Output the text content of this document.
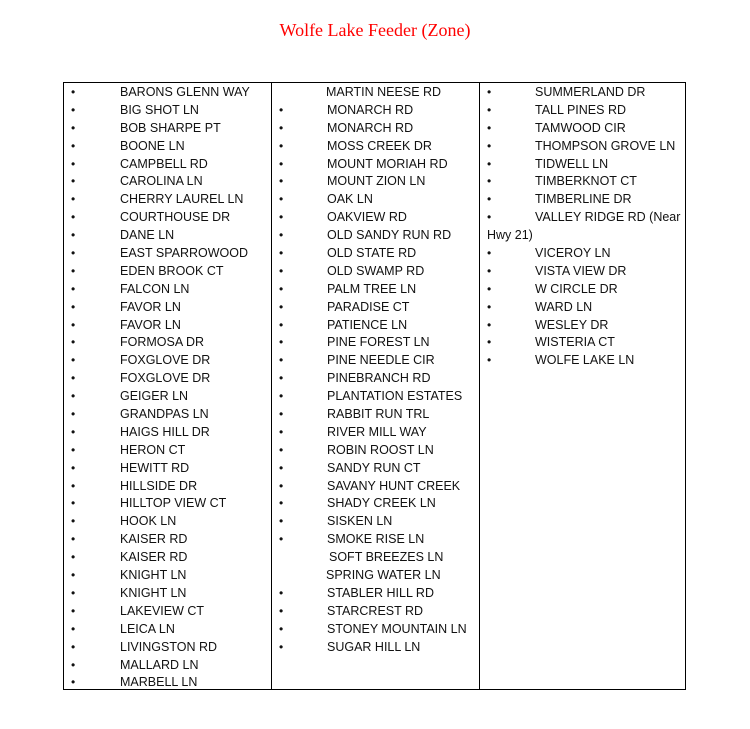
Wolfe Lake Feeder (Zone)
•	BARONS GLENN WAY
•	BIG SHOT LN
•	BOB SHARPE PT
•	BOONE LN
•	CAMPBELL RD
•	CAROLINA LN
•	CHERRY LAUREL LN
•	COURTHOUSE DR
•	DANE LN
•	EAST SPARROWOOD
•	EDEN BROOK CT
•	FALCON LN
•	FAVOR LN
•	FAVOR LN
•	FORMOSA DR
•	FOXGLOVE DR
•	FOXGLOVE DR
•	GEIGER LN
•	GRANDPAS LN
•	HAIGS HILL DR
•	HERON CT
•	HEWITT RD
•	HILLSIDE DR
•	HILLTOP VIEW CT
•	HOOK LN
•	KAISER RD
•	KAISER RD
•	KNIGHT LN
•	KNIGHT LN
•	LAKEVIEW CT
•	LEICA LN
•	LIVINGSTON RD
•	MALLARD LN
•	MARBELL LN
MARTIN NEESE RD
•	MONARCH RD
•	MONARCH RD
•	MOSS CREEK DR
•	MOUNT MORIAH RD
•	MOUNT ZION LN
•	OAK LN
•	OAKVIEW RD
•	OLD SANDY RUN RD
•	OLD STATE RD
•	OLD SWAMP RD
•	PALM TREE LN
•	PARADISE CT
•	PATIENCE LN
•	PINE FOREST LN
•	PINE NEEDLE CIR
•	PINEBRANCH RD
•	PLANTATION ESTATES
•	RABBIT RUN TRL
•	RIVER MILL WAY
•	ROBIN ROOST LN
•	SANDY RUN CT
•	SAVANY HUNT CREEK
•	SHADY CREEK LN
•	SISKEN LN
•	SMOKE RISE LN
SOFT BREEZES LN
SPRING WATER LN
•	STABLER HILL RD
•	STARCREST RD
•	STONEY MOUNTAIN LN
•	SUGAR HILL LN
•	SUMMERLAND DR
•	TALL PINES RD
•	TAMWOOD CIR
•	THOMPSON GROVE LN
•	TIDWELL LN
•	TIMBERKNOT CT
•	TIMBERLINE DR
•	VALLEY RIDGE RD (Near Hwy 21)
•	VICEROY LN
•	VISTA VIEW DR
•	W CIRCLE DR
•	WARD LN
•	WESLEY DR
•	WISTERIA CT
•	WOLFE LAKE LN
